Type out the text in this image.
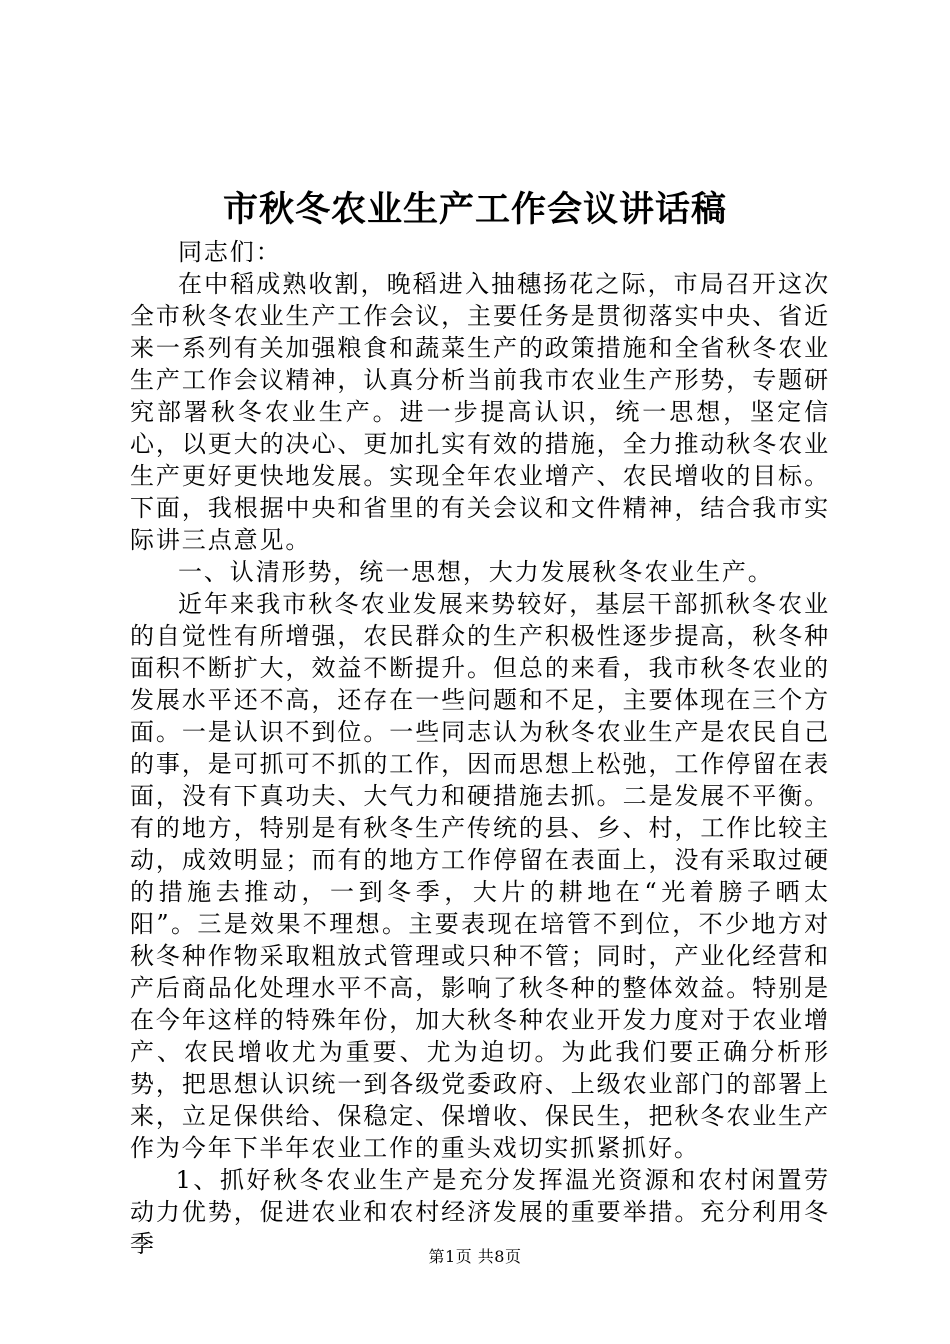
市秋冬农业生产工作会议讲话稿

同志们：

在中稻成熟收割，晚稻进入抽穗扬花之际，市局召开这次全市秋冬农业生产工作会议，主要任务是贯彻落实中央、省近来一系列有关加强粮食和蔬菜生产的政策措施和全省秋冬农业生产工作会议精神，认真分析当前我市农业生产形势，专题研究部署秋冬农业生产。进一步提高认识，统一思想，坚定信心，以更大的决心、更加扎实有效的措施，全力推动秋冬农业生产更好更快地发展。实现全年农业增产、农民增收的目标。下面，我根据中央和省里的有关会议和文件精神，结合我市实际讲三点意见。

一、认清形势，统一思想，大力发展秋冬农业生产。

近年来我市秋冬农业发展来势较好，基层干部抓秋冬农业的自觉性有所增强，农民群众的生产积极性逐步提高，秋冬种面积不断扩大，效益不断提升。但总的来看，我市秋冬农业的发展水平还不高，还存在一些问题和不足，主要体现在三个方面。一是认识不到位。一些同志认为秋冬农业生产是农民自己的事，是可抓可不抓的工作，因而思想上松弛，工作停留在表面，没有下真功夫、大气力和硬措施去抓。二是发展不平衡。有的地方，特别是有秋冬生产传统的县、乡、村，工作比较主动，成效明显；而有的地方工作停留在表面上，没有采取过硬的措施去推动，一到冬季，大片的耕地在“光着膀子晒太阳”。三是效果不理想。主要表现在培管不到位，不少地方对秋冬种作物采取粗放式管理或只种不管；同时，产业化经营和产后商品化处理水平不高，影响了秋冬种的整体效益。特别是在今年这样的特殊年份，加大秋冬种农业开发力度对于农业增产、农民增收尤为重要、尤为迫切。为此我们要正确分析形势，把思想认识统一到各级党委政府、上级农业部门的部署上来，立足保供给、保稳定、保增收、保民生，把秋冬农业生产作为今年下半年农业工作的重头戏切实抓紧抓好。

1、抓好秋冬农业生产是充分发挥温光资源和农村闲置劳动力优势，促进农业和农村经济发展的重要举措。充分利用冬季	第1页 共8页
